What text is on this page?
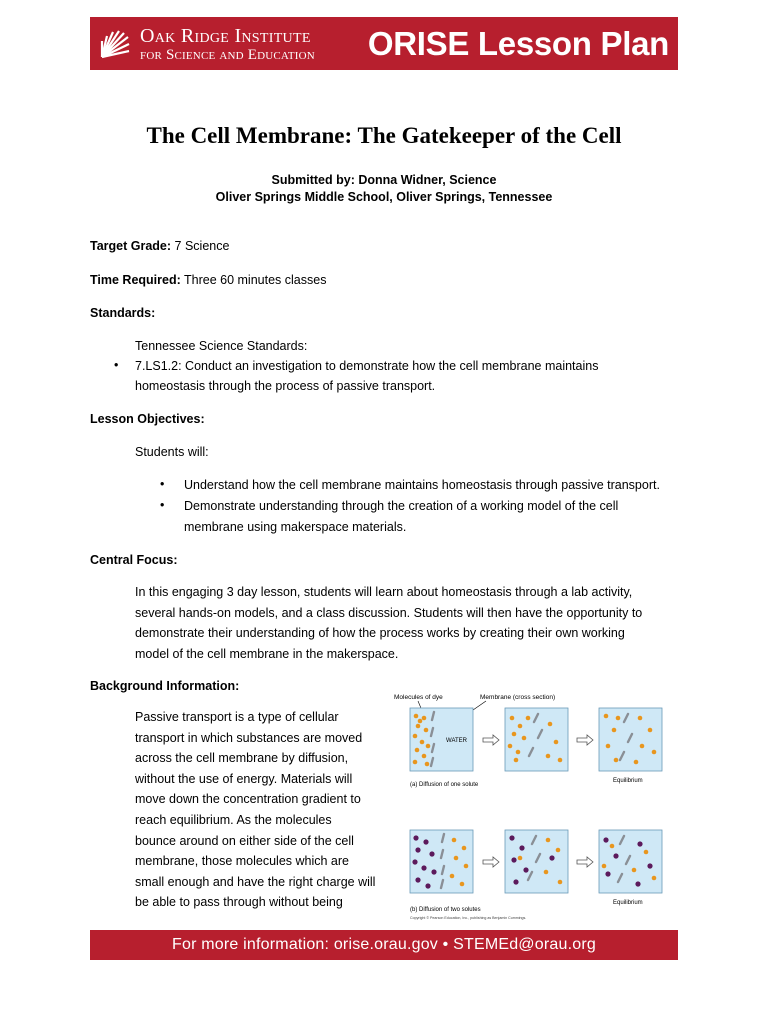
Oak Ridge Institute
for Science and Education ORISE Lesson Plan
The Cell Membrane: The Gatekeeper of the Cell
Submitted by: Donna Widner, Science
Oliver Springs Middle School, Oliver Springs, Tennessee
Target Grade: 7 Science
Time Required: Three 60 minutes classes
Standards:
Tennessee Science Standards:
• 7.LS1.2: Conduct an investigation to demonstrate how the cell membrane maintains
homeostasis through the process of passive transport.
Lesson Objectives:
Students will:
• Understand how the cell membrane maintains homeostasis through passive transport.
• Demonstrate understanding through the creation of a working model of the cell
membrane using makerspace materials.
Central Focus:
In this engaging 3 day lesson, students will learn about homeostasis through a lab activity,
several hands-on models, and a class discussion. Students will then have the opportunity to
demonstrate their understanding of how the process works by creating their own working
model of the cell membrane in the makerspace.
Background Information:
Passive transport is a type of cellular
transport in which substances are moved
across the cell membrane by diffusion,
without the use of energy. Materials will
move down the concentration gradient to
reach equilibrium. As the molecules
bounce around on either side of the cell
membrane, those molecules which are
small enough and have the right charge will
be able to pass through without being
Molecules of dye	Membrane (cross section)
WATER
(a) Diffusion of one solute
Equilibrium
Equilibrium
(b) Diffusion of two solutes
Copyright © Pearson Education, Inc., publishing as Benjamin Cummings.
For more information: orise.orau.gov • STEMEd@orau.org
